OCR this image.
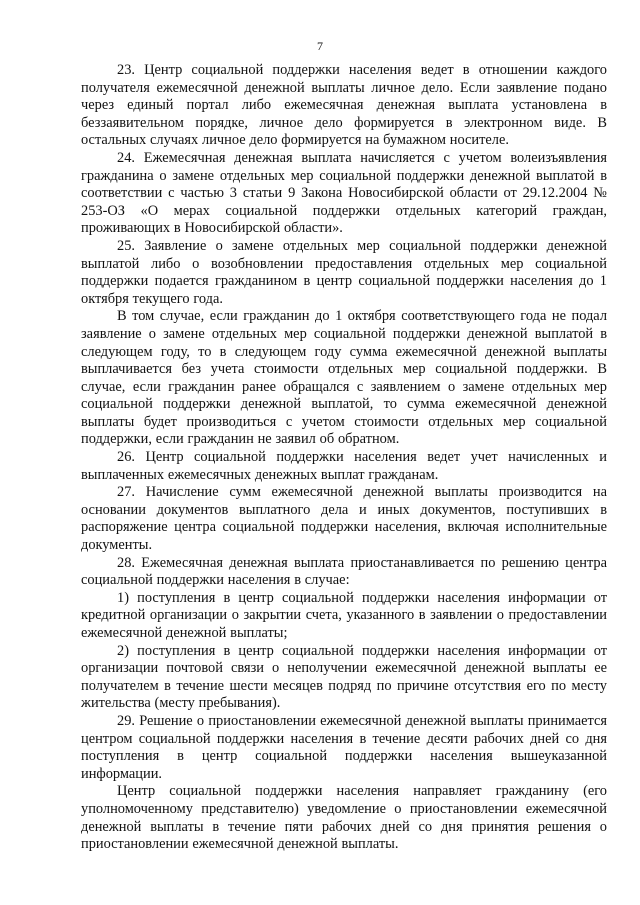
7

23. Центр социальной поддержки населения ведет в отношении каждого получателя ежемесячной денежной выплаты личное дело. Если заявление подано через единый портал либо ежемесячная денежная выплата установлена в беззаявительном порядке, личное дело формируется в электронном виде. В остальных случаях личное дело формируется на бумажном носителе.

24. Ежемесячная денежная выплата начисляется с учетом волеизъявления гражданина о замене отдельных мер социальной поддержки денежной выплатой в соответствии с частью 3 статьи 9 Закона Новосибирской области от 29.12.2004 № 253-ОЗ «О мерах социальной поддержки отдельных категорий граждан, проживающих в Новосибирской области».

25. Заявление о замене отдельных мер социальной поддержки денежной выплатой либо о возобновлении предоставления отдельных мер социальной поддержки подается гражданином в центр социальной поддержки населения до 1 октября текущего года.

В том случае, если гражданин до 1 октября соответствующего года не подал заявление о замене отдельных мер социальной поддержки денежной выплатой в следующем году, то в следующем году сумма ежемесячной денежной выплаты выплачивается без учета стоимости отдельных мер социальной поддержки. В случае, если гражданин ранее обращался с заявлением о замене отдельных мер социальной поддержки денежной выплатой, то сумма ежемесячной денежной выплаты будет производиться с учетом стоимости отдельных мер социальной поддержки, если гражданин не заявил об обратном.

26. Центр социальной поддержки населения ведет учет начисленных и выплаченных ежемесячных денежных выплат гражданам.

27. Начисление сумм ежемесячной денежной выплаты производится на основании документов выплатного дела и иных документов, поступивших в распоряжение центра социальной поддержки населения, включая исполнительные документы.

28. Ежемесячная денежная выплата приостанавливается по решению центра социальной поддержки населения в случае:

1) поступления в центр социальной поддержки населения информации от кредитной организации о закрытии счета, указанного в заявлении о предоставлении ежемесячной денежной выплаты;

2) поступления в центр социальной поддержки населения информации от организации почтовой связи о неполучении ежемесячной денежной выплаты ее получателем в течение шести месяцев подряд по причине отсутствия его по месту жительства (месту пребывания).

29. Решение о приостановлении ежемесячной денежной выплаты принимается центром социальной поддержки населения в течение десяти рабочих дней со дня поступления в центр социальной поддержки населения вышеуказанной информации.

Центр социальной поддержки населения направляет гражданину (его уполномоченному представителю) уведомление о приостановлении ежемесячной денежной выплаты в течение пяти рабочих дней со дня принятия решения о приостановлении ежемесячной денежной выплаты.
